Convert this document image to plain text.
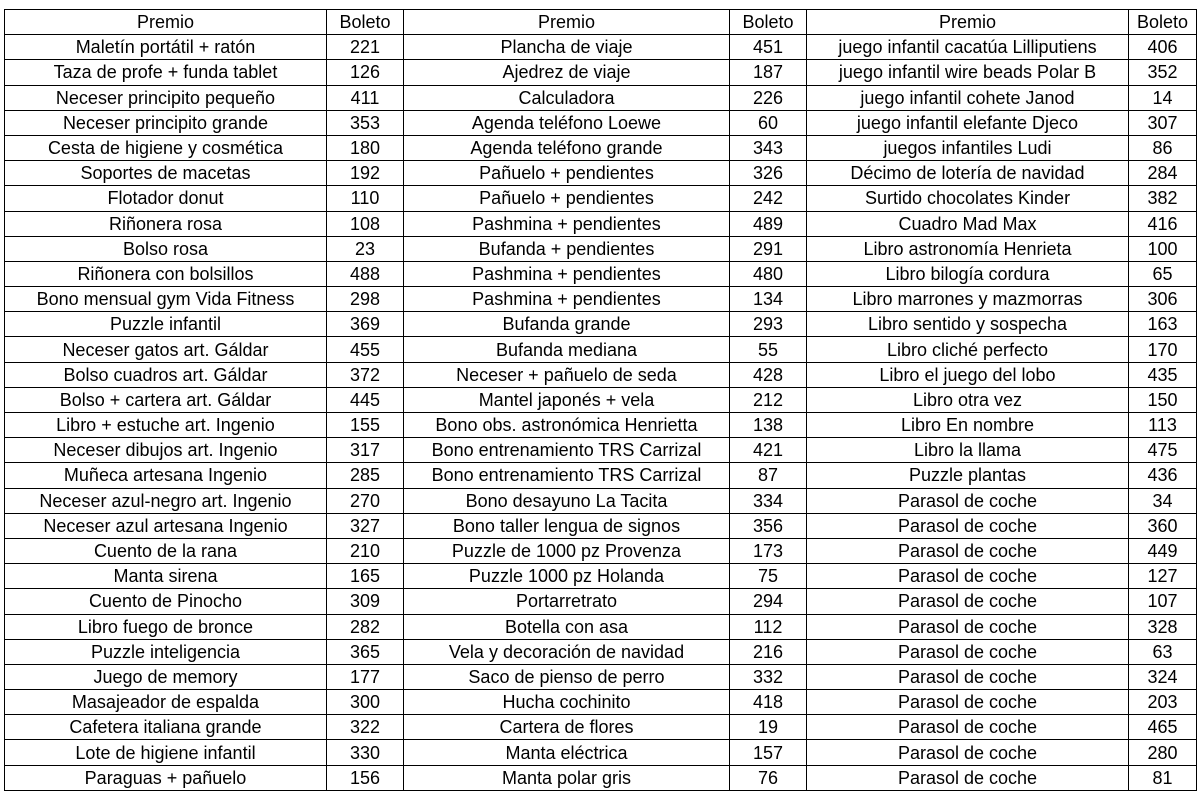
Premio	Boleto	Premio	Boleto	Premio	Boleto
Maletín portátil + ratón	221	Plancha de viaje	451	juego infantil cacatúa Lilliputiens	406
Taza de profe + funda tablet	126	Ajedrez de viaje	187	juego infantil wire beads Polar B	352
Neceser principito pequeño	411	Calculadora	226	juego infantil cohete Janod	14
Neceser principito grande	353	Agenda teléfono Loewe	60	juego infantil elefante Djeco	307
Cesta de higiene y cosmética	180	Agenda teléfono grande	343	juegos infantiles Ludi	86
Soportes de macetas	192	Pañuelo + pendientes	326	Décimo de lotería de navidad	284
Flotador donut	110	Pañuelo + pendientes	242	Surtido chocolates Kinder	382
Riñonera rosa	108	Pashmina + pendientes	489	Cuadro Mad Max	416
Bolso rosa	23	Bufanda + pendientes	291	Libro astronomía Henrieta	100
Riñonera con bolsillos	488	Pashmina + pendientes	480	Libro bilogía cordura	65
Bono mensual gym Vida Fitness	298	Pashmina + pendientes	134	Libro marrones y mazmorras	306
Puzzle infantil	369	Bufanda grande	293	Libro sentido y sospecha	163
Neceser gatos art. Gáldar	455	Bufanda mediana	55	Libro cliché perfecto	170
Bolso cuadros art. Gáldar	372	Neceser + pañuelo de seda	428	Libro el juego del lobo	435
Bolso + cartera art. Gáldar	445	Mantel japonés + vela	212	Libro otra vez	150
Libro + estuche art. Ingenio	155	Bono obs. astronómica Henrietta	138	Libro En nombre	113
Neceser dibujos art. Ingenio	317	Bono entrenamiento TRS Carrizal	421	Libro la llama	475
Muñeca artesana Ingenio	285	Bono entrenamiento TRS Carrizal	87	Puzzle plantas	436
Neceser azul-negro art. Ingenio	270	Bono desayuno La Tacita	334	Parasol de coche	34
Neceser azul artesana Ingenio	327	Bono taller lengua de signos	356	Parasol de coche	360
Cuento de la rana	210	Puzzle de 1000 pz Provenza	173	Parasol de coche	449
Manta sirena	165	Puzzle 1000 pz Holanda	75	Parasol de coche	127
Cuento de Pinocho	309	Portarretrato	294	Parasol de coche	107
Libro fuego de bronce	282	Botella con asa	112	Parasol de coche	328
Puzzle inteligencia	365	Vela y decoración de navidad	216	Parasol de coche	63
Juego de memory	177	Saco de pienso de perro	332	Parasol de coche	324
Masajeador de espalda	300	Hucha cochinito	418	Parasol de coche	203
Cafetera italiana grande	322	Cartera de flores	19	Parasol de coche	465
Lote de higiene infantil	330	Manta eléctrica	157	Parasol de coche	280
Paraguas + pañuelo	156	Manta polar gris	76	Parasol de coche	81
